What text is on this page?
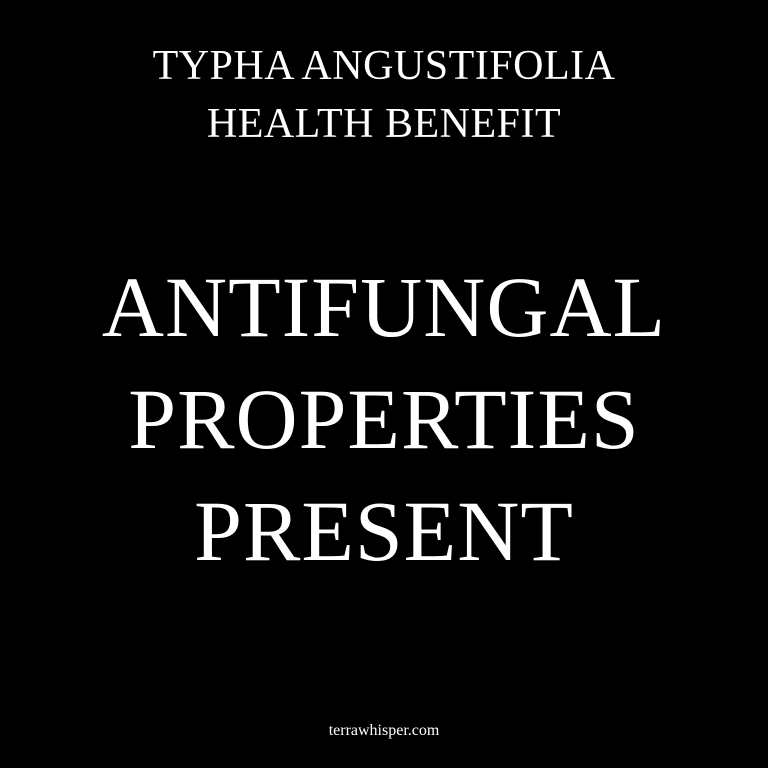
TYPHA ANGUSTIFOLIA
HEALTH BENEFIT
ANTIFUNGAL
PROPERTIES
PRESENT
terrawhisper.com
